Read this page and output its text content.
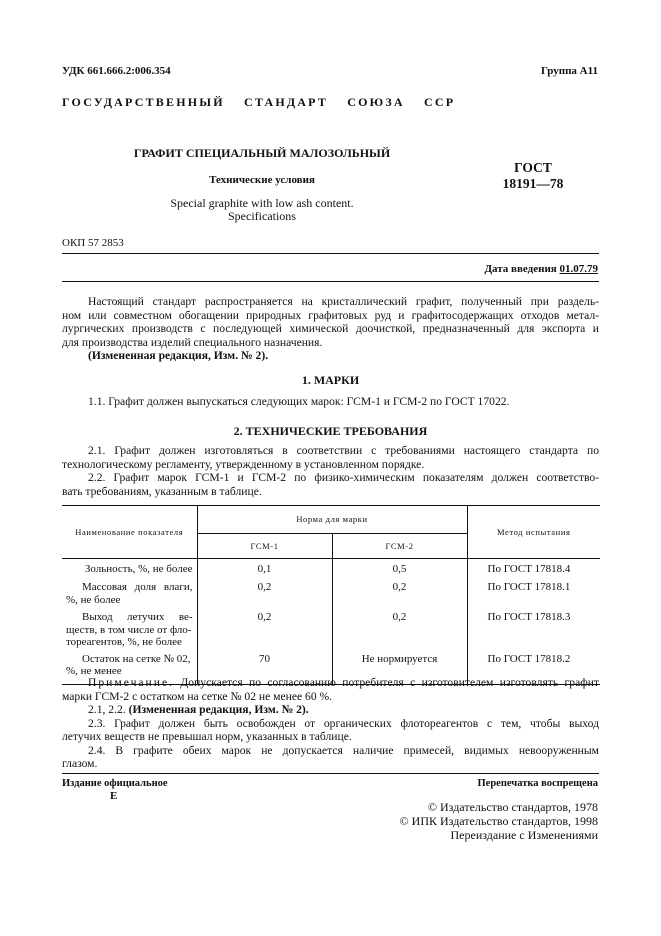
УДК 661.666.2:006.354	Группа А11
ГОСУДАРСТВЕННЫЙ СТАНДАРТ СОЮЗА ССР
ГРАФИТ СПЕЦИАЛЬНЫЙ МАЛОЗОЛЬНЫЙ
Технические условия
Special graphite with low ash content.
Specifications
ГОСТ
18191—78
ОКП 57 2853
Дата введения 01.07.79
Настоящий стандарт распространяется на кристаллический графит, полученный при раздель-
ном или совместном обогащении природных графитовых руд и графитосодержащих отходов метал-
лургических производств с последующей химической доочисткой, предназначенный для экспорта и
для производства изделий специального назначения.
(Измененная редакция, Изм. № 2).
1. МАРКИ
1.1. Графит должен выпускаться следующих марок: ГСМ-1 и ГСМ-2 по ГОСТ 17022.
2. ТЕХНИЧЕСКИЕ ТРЕБОВАНИЯ
2.1. Графит должен изготовляться в соответствии с требованиями настоящего стандарта по
технологическому регламенту, утвержденному в установленном порядке.
2.2. Графит марок ГСМ-1 и ГСМ-2 по физико-химическим показателям должен соответство-
вать требованиям, указанным в таблице.
Наименование показателя	Норма для марки		Метод испытания
	ГСМ-1	ГСМ-2	

Зольность, %, не более	0,1	0,5	По ГОСТ 17818.4

Массовая доля влаги,
%, не более	0,2	0,2	По ГОСТ 17818.1

Выход летучих ве-
ществ, в том числе от фло-
тореагентов, %, не более	0,2	0,2	По ГОСТ 17818.3

Остаток на сетке № 02,
%, не менее	70	Не нормируется	По ГОСТ 17818.2
Примечание. Допускается по согласованию потребителя с изготовителем изготовлять графит
марки ГСМ-2 с остатком на сетке № 02 не менее 60 %.
2.1, 2.2. (Измененная редакция, Изм. № 2).
2.3. Графит должен быть освобожден от органических флотореагентов с тем, чтобы выход
летучих веществ не превышал норм, указанных в таблице.
2.4. В графите обеих марок не допускается наличие примесей, видимых невооруженным
глазом.
Издание официальное	Перепечатка воспрещена
Е
© Издательство стандартов, 1978
© ИПК Издательство стандартов, 1998
Переиздание с Изменениями
